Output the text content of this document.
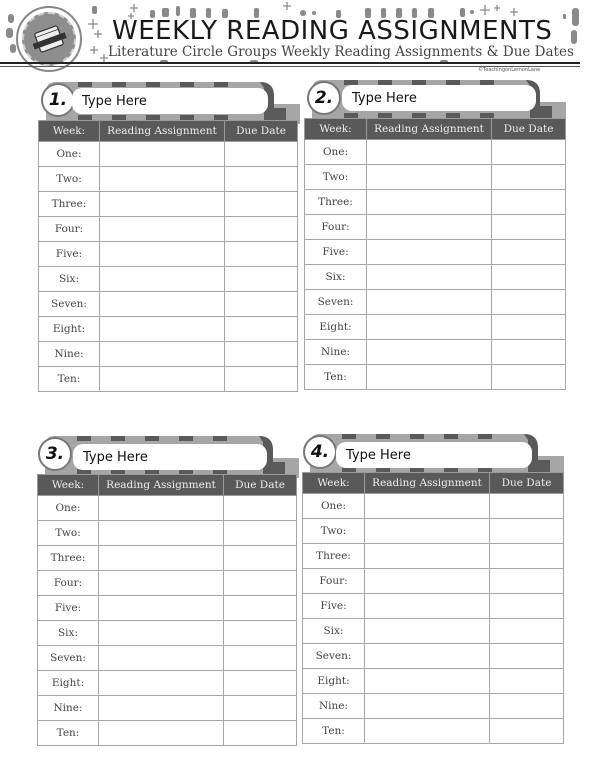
WEEKLY READING ASSIGNMENTS
Literature Circle Groups Weekly Reading Assignments & Due Dates
©TeachingonLemonLane
1.	Type Here
Week:	Reading Assignment	Due Date
One:		
Two:		
Three:		
Four:		
Five:		
Six:		
Seven:		
Eight:		
Nine:		
Ten:		
2.	Type Here
Week:	Reading Assignment	Due Date
One:		
Two:		
Three:		
Four:		
Five:		
Six:		
Seven:		
Eight:		
Nine:		
Ten:		
3.	Type Here
Week:	Reading Assignment	Due Date
One:		
Two:		
Three:		
Four:		
Five:		
Six:		
Seven:		
Eight:		
Nine:		
Ten:		
4.	Type Here
Week:	Reading Assignment	Due Date
One:		
Two:		
Three:		
Four:		
Five:		
Six:		
Seven:		
Eight:		
Nine:		
Ten:		
